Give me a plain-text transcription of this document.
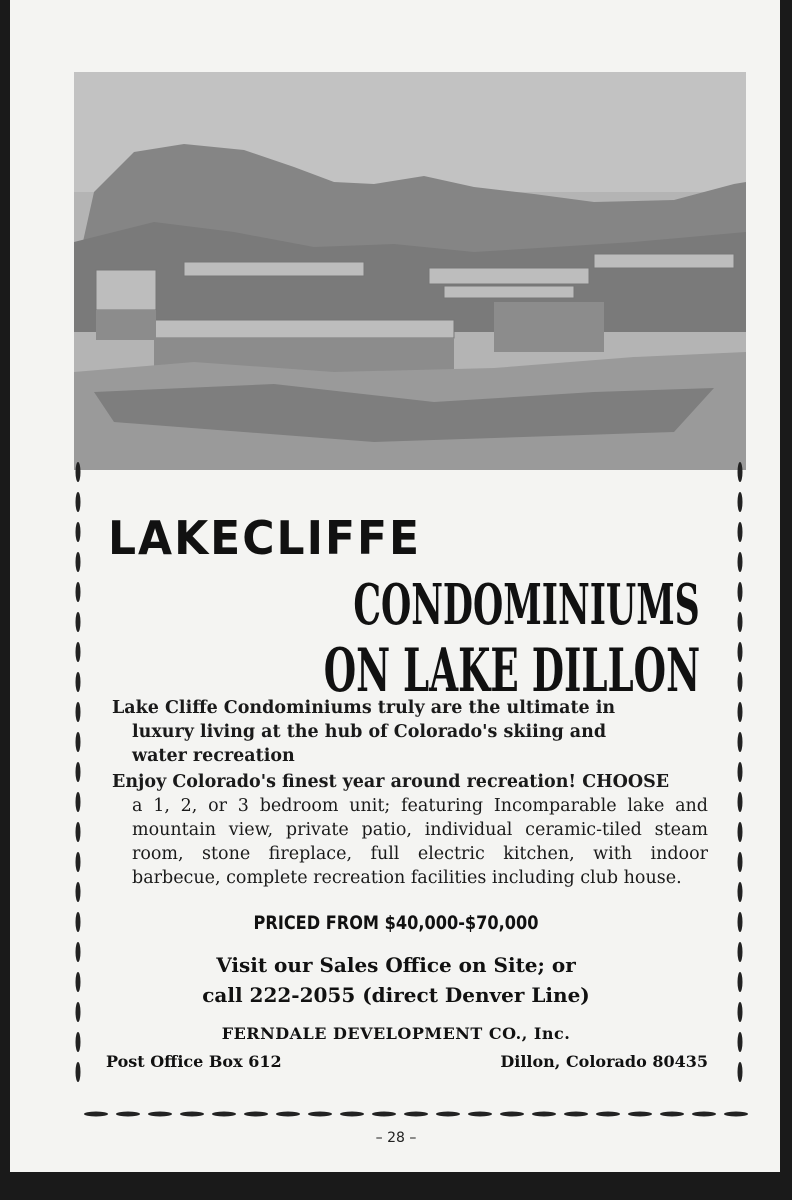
LAKECLIFFE
CONDOMINIUMS
ON LAKE DILLON
Lake Cliffe Condominiums truly are the ultimate in
luxury living at the hub of Colorado's skiing and
water recreation
Enjoy Colorado's finest year around recreation! CHOOSE
a 1, 2, or 3 bedroom unit; featuring Incomparable lake and mountain view, private patio, individual ceramic-tiled steam room, stone fireplace, full electric kitchen, with indoor barbecue, complete recreation facilities including club house.
PRICED FROM $40,000-$70,000
Visit our Sales Office on Site; or
call 222-2055 (direct Denver Line)
FERNDALE DEVELOPMENT CO., Inc.
Post Office Box 612	Dillon, Colorado 80435
– 28 –
